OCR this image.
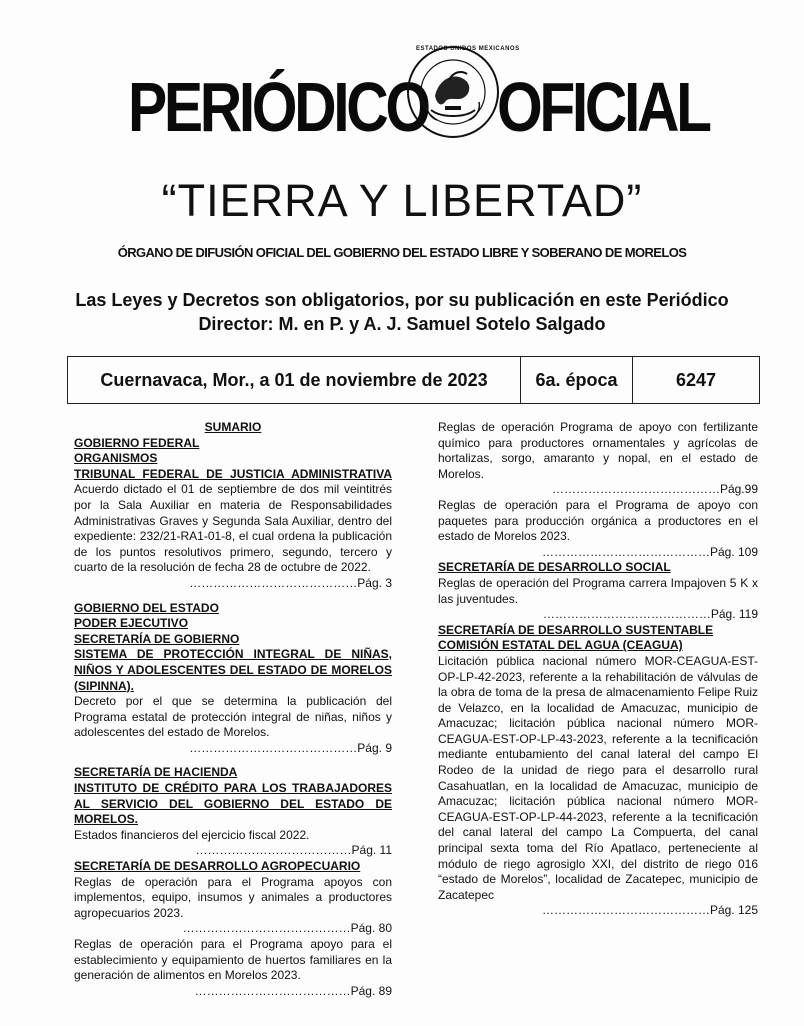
PERIÓDICO
ESTADOS UNIDOS MEXICANOS
OFICIAL
“TIERRA Y LIBERTAD”
ÓRGANO DE DIFUSIÓN OFICIAL DEL GOBIERNO DEL ESTADO LIBRE Y SOBERANO DE MORELOS
Las Leyes y Decretos son obligatorios, por su publicación en este Periódico
Director: M. en P. y A. J. Samuel Sotelo Salgado
Cuernavaca, Mor., a 01 de noviembre de 2023	6a. época	6247
SUMARIO
GOBIERNO FEDERAL
ORGANISMOS
TRIBUNAL FEDERAL DE JUSTICIA ADMINISTRATIVA
Acuerdo dictado el 01 de septiembre de dos mil veintitrés por la Sala Auxiliar en materia de Responsabilidades Administrativas Graves y Segunda Sala Auxiliar, dentro del expediente: 232/21-RA1-01-8, el cual ordena la publicación de los puntos resolutivos primero, segundo, tercero y cuarto de la resolución de fecha 28 de octubre de 2022.
……………………………………Pág. 3
GOBIERNO DEL ESTADO
PODER EJECUTIVO
SECRETARÍA DE GOBIERNO
SISTEMA DE PROTECCIÓN INTEGRAL DE NIÑAS, NIÑOS Y ADOLESCENTES DEL ESTADO DE MORELOS (SIPINNA).
Decreto por el que se determina la publicación del Programa estatal de protección integral de niñas, niños y adolescentes del estado de Morelos.
……………………………………Pág. 9
SECRETARÍA DE HACIENDA
INSTITUTO DE CRÉDITO PARA LOS TRABAJADORES AL SERVICIO DEL GOBIERNO DEL ESTADO DE MORELOS.
Estados financieros del ejercicio fiscal 2022.
…………………………………Pág. 11
SECRETARÍA DE DESARROLLO AGROPECUARIO
Reglas de operación para el Programa apoyos con implementos, equipo, insumos y animales a productores agropecuarios 2023.
……………………………………Pág. 80
Reglas de operación para el Programa apoyo para el establecimiento y equipamiento de huertos familiares en la generación de alimentos en Morelos 2023.
…………………………………Pág. 89
Reglas de operación Programa de apoyo con fertilizante químico para productores ornamentales y agrícolas de hortalizas, sorgo, amaranto y nopal, en el estado de Morelos.
……………………………………Pág.99
Reglas de operación para el Programa de apoyo con paquetes para producción orgánica a productores en el estado de Morelos 2023.
……………………………………Pág. 109
SECRETARÍA DE DESARROLLO SOCIAL
Reglas de operación del Programa carrera Impajoven 5 K x las juventudes.
……………………………………Pág. 119
SECRETARÍA DE DESARROLLO SUSTENTABLE
COMISIÓN ESTATAL DEL AGUA (CEAGUA)
Licitación pública nacional número MOR-CEAGUA-EST-OP-LP-42-2023, referente a la rehabilitación de válvulas de la obra de toma de la presa de almacenamiento Felipe Ruiz de Velazco, en la localidad de Amacuzac, municipio de Amacuzac; licitación pública nacional número MOR-CEAGUA-EST-OP-LP-43-2023, referente a la tecnificación mediante entubamiento del canal lateral del campo El Rodeo de la unidad de riego para el desarrollo rural Casahuatlan, en la localidad de Amacuzac, municipio de Amacuzac; licitación pública nacional número MOR-CEAGUA-EST-OP-LP-44-2023, referente a la tecnificación del canal lateral del campo La Compuerta, del canal principal sexta toma del Río Apatlaco, perteneciente al módulo de riego agrosiglo XXI, del distrito de riego 016 “estado de Morelos”, localidad de Zacatepec, municipio de Zacatepec
……………………………………Pág. 125
